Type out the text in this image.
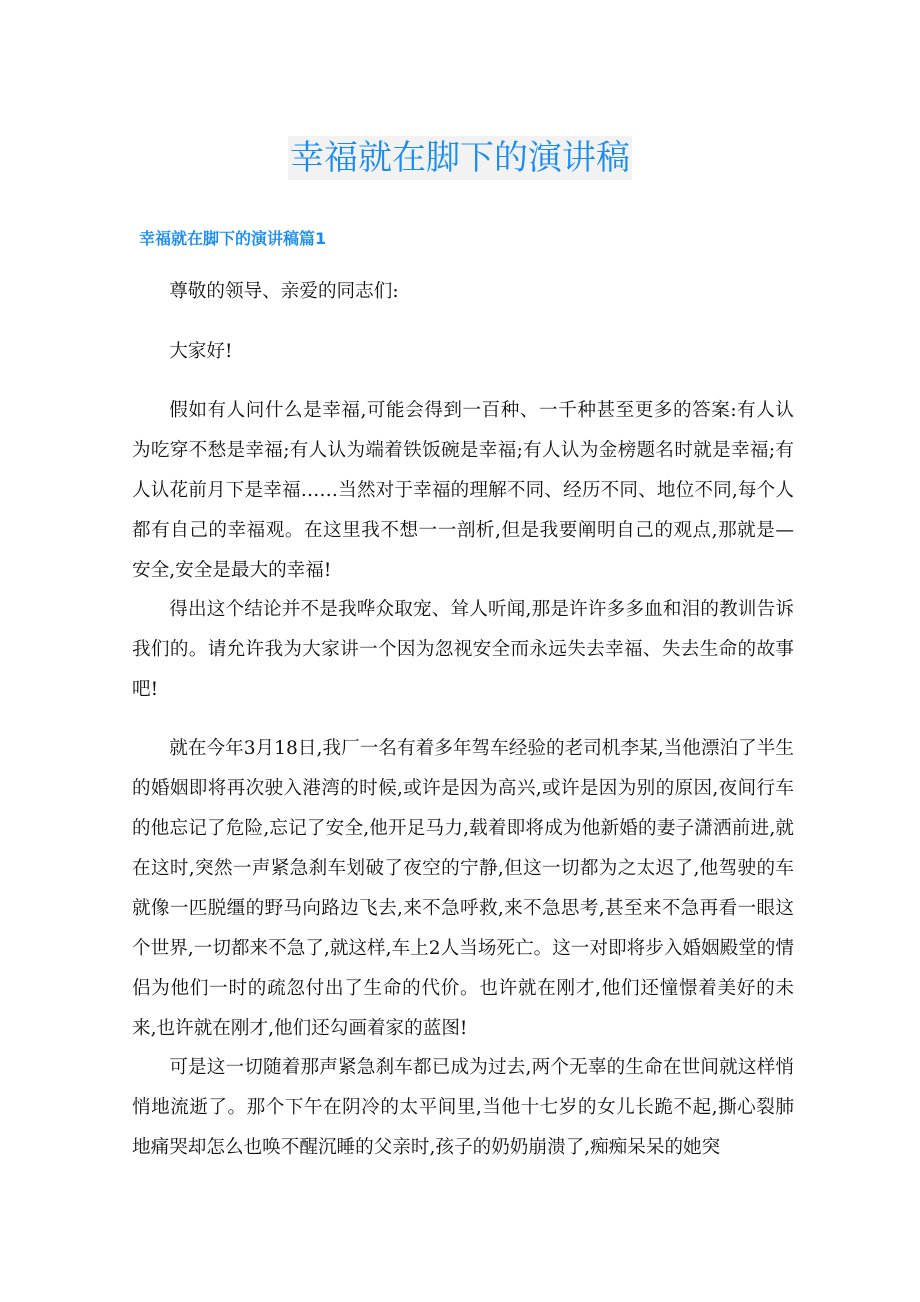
幸福就在脚下的演讲稿
幸福就在脚下的演讲稿篇1

尊敬的领导、亲爱的同志们:

大家好!

假如有人问什么是幸福,可能会得到一百种、一千种甚至更多的答案:有人认为吃穿不愁是幸福;有人认为端着铁饭碗是幸福;有人认为金榜题名时就是幸福;有人认花前月下是幸福……当然对于幸福的理解不同、经历不同、地位不同,每个人都有自己的幸福观。在这里我不想一一剖析,但是我要阐明自己的观点,那就是—安全,安全是最大的幸福!

得出这个结论并不是我哗众取宠、耸人听闻,那是许许多多血和泪的教训告诉我们的。请允许我为大家讲一个因为忽视安全而永远失去幸福、失去生命的故事吧!

就在今年3月18日,我厂一名有着多年驾车经验的老司机李某,当他漂泊了半生的婚姻即将再次驶入港湾的时候,或许是因为高兴,或许是因为别的原因,夜间行车的他忘记了危险,忘记了安全,他开足马力,载着即将成为他新婚的妻子潇洒前进,就在这时,突然一声紧急刹车划破了夜空的宁静,但这一切都为之太迟了,他驾驶的车就像一匹脱缰的野马向路边飞去,来不急呼救,来不急思考,甚至来不急再看一眼这个世界,一切都来不急了,就这样,车上2人当场死亡。这一对即将步入婚姻殿堂的情侣为他们一时的疏忽付出了生命的代价。也许就在刚才,他们还憧憬着美好的未来,也许就在刚才,他们还勾画着家的蓝图!

可是这一切随着那声紧急刹车都已成为过去,两个无辜的生命在世间就这样悄悄地流逝了。那个下午在阴冷的太平间里,当他十七岁的女儿长跪不起,撕心裂肺地痛哭却怎么也唤不醒沉睡的父亲时,孩子的奶奶崩溃了,痴痴呆呆的她突
